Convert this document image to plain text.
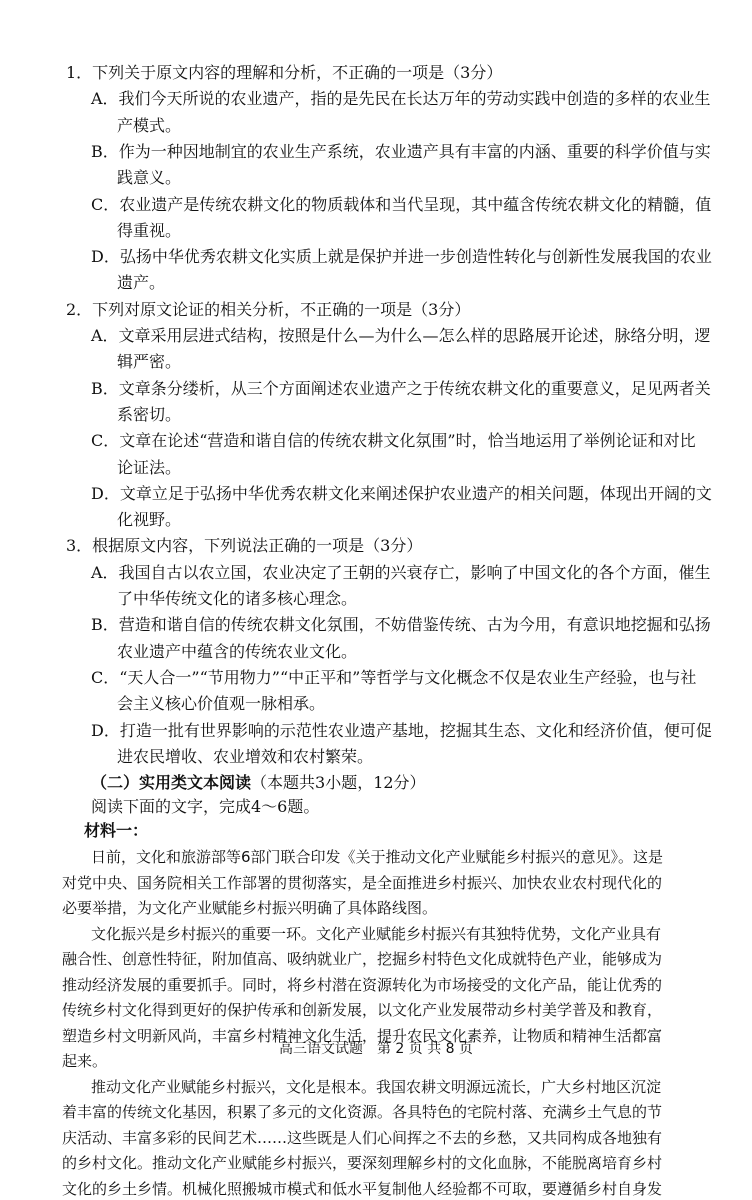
1．下列关于原文内容的理解和分析，不正确的一项是（3分）
A．我们今天所说的农业遗产，指的是先民在长达万年的劳动实践中创造的多样的农业生
产模式。
B．作为一种因地制宜的农业生产系统，农业遗产具有丰富的内涵、重要的科学价值与实
践意义。
C．农业遗产是传统农耕文化的物质载体和当代呈现，其中蕴含传统农耕文化的精髓，值
得重视。
D．弘扬中华优秀农耕文化实质上就是保护并进一步创造性转化与创新性发展我国的农业
遗产。
2．下列对原文论证的相关分析，不正确的一项是（3分）
A．文章采用层进式结构，按照是什么—为什么—怎么样的思路展开论述，脉络分明，逻
辑严密。
B．文章条分缕析，从三个方面阐述农业遗产之于传统农耕文化的重要意义，足见两者关
系密切。
C．文章在论述“营造和谐自信的传统农耕文化氛围”时，恰当地运用了举例论证和对比
论证法。
D．文章立足于弘扬中华优秀农耕文化来阐述保护农业遗产的相关问题，体现出开阔的文
化视野。
3．根据原文内容，下列说法正确的一项是（3分）
A．我国自古以农立国，农业决定了王朝的兴衰存亡，影响了中国文化的各个方面，催生
了中华传统文化的诸多核心理念。
B．营造和谐自信的传统农耕文化氛围，不妨借鉴传统、古为今用，有意识地挖掘和弘扬
农业遗产中蕴含的传统农业文化。
C．“天人合一”“节用物力”“中正平和”等哲学与文化概念不仅是农业生产经验，也与社
会主义核心价值观一脉相承。
D．打造一批有世界影响的示范性农业遗产基地，挖掘其生态、文化和经济价值，便可促
进农民增收、农业增效和农村繁荣。
（二）实用类文本阅读（本题共3小题，12分）
阅读下面的文字，完成4～6题。
材料一：
日前，文化和旅游部等6部门联合印发《关于推动文化产业赋能乡村振兴的意见》。这是
对党中央、国务院相关工作部署的贯彻落实，是全面推进乡村振兴、加快农业农村现代化的
必要举措，为文化产业赋能乡村振兴明确了具体路线图。
文化振兴是乡村振兴的重要一环。文化产业赋能乡村振兴有其独特优势，文化产业具有
融合性、创意性特征，附加值高、吸纳就业广，挖掘乡村特色文化成就特色产业，能够成为
推动经济发展的重要抓手。同时，将乡村潜在资源转化为市场接受的文化产品，能让优秀的
传统乡村文化得到更好的保护传承和创新发展，以文化产业发展带动乡村美学普及和教育，
塑造乡村文明新风尚，丰富乡村精神文化生活，提升农民文化素养，让物质和精神生活都富
起来。
推动文化产业赋能乡村振兴，文化是根本。我国农耕文明源远流长，广大乡村地区沉淀
着丰富的传统文化基因，积累了多元的文化资源。各具特色的宅院村落、充满乡土气息的节
庆活动、丰富多彩的民间艺术……这些既是人们心间挥之不去的乡愁，又共同构成各地独有
的乡村文化。推动文化产业赋能乡村振兴，要深刻理解乡村的文化血脉，不能脱离培育乡村
文化的乡土乡情。机械化照搬城市模式和低水平复制他人经验都不可取，要遵循乡村自身发
高三语文试题　第 2 页 共 8 页
